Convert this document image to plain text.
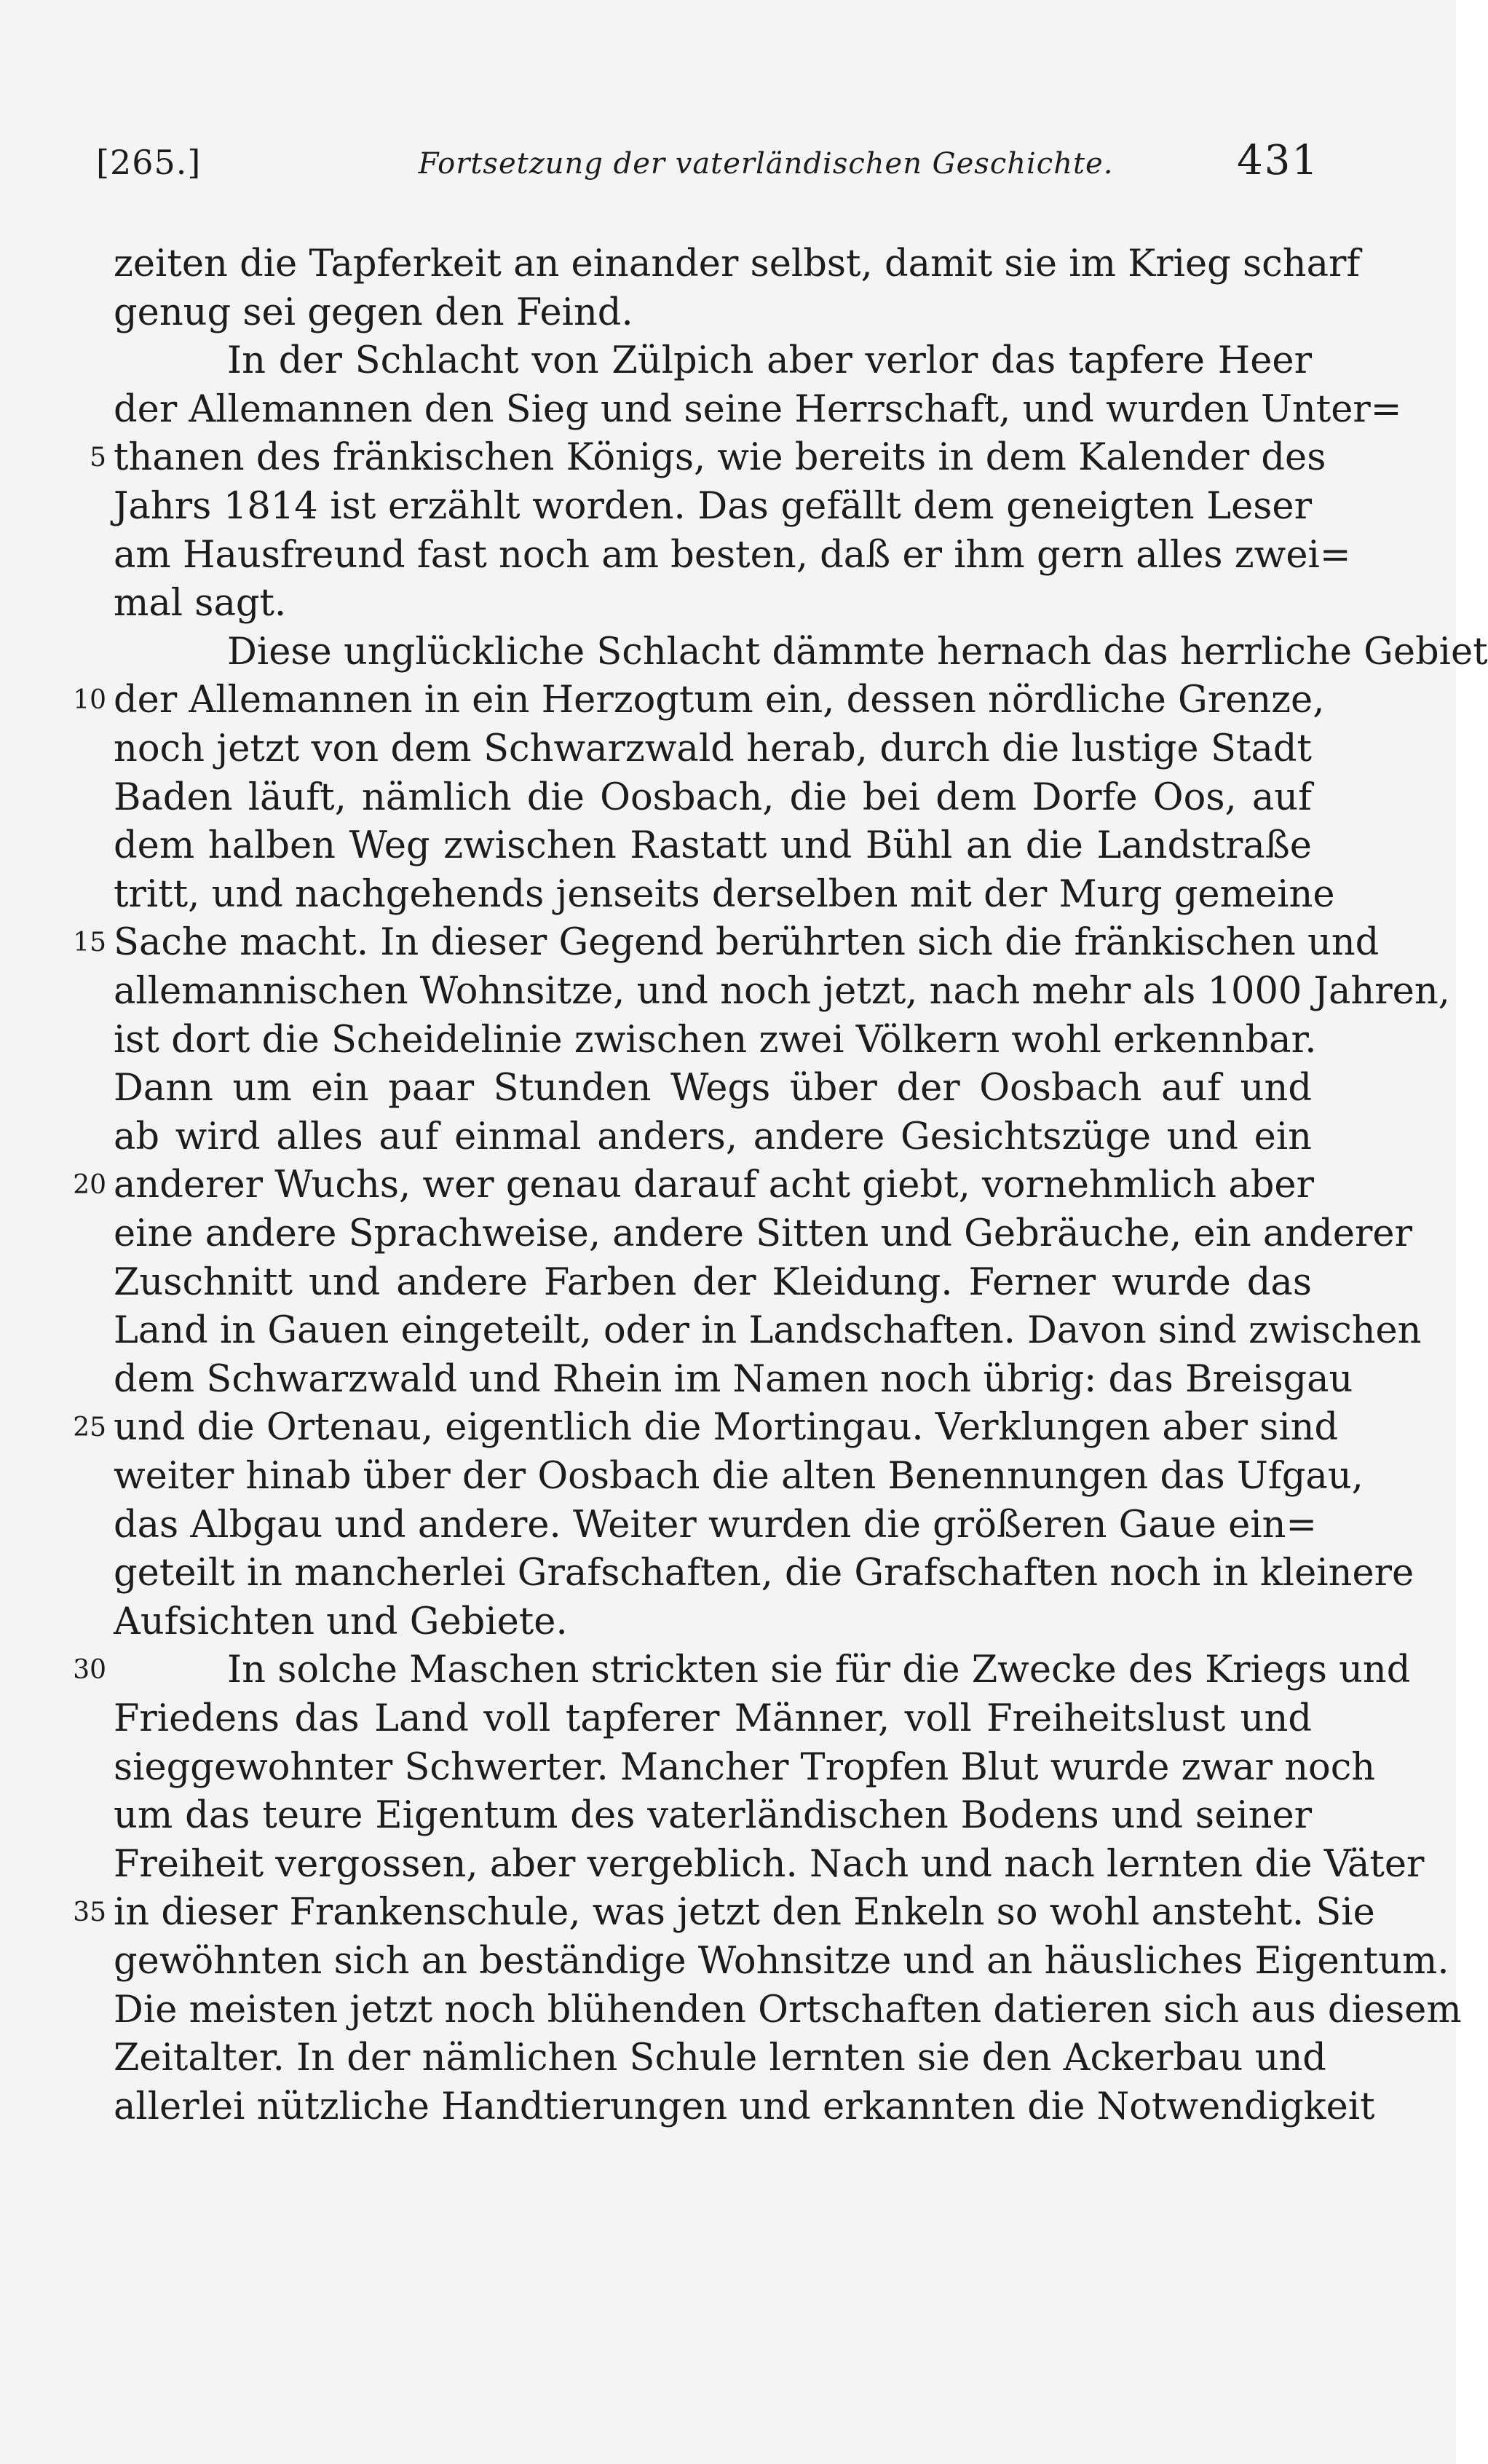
[265.]	Fortsetzung der vaterländischen Geschichte.	431
zeiten die Tapferkeit an einander selbst, damit sie im Krieg scharf
genug sei gegen den Feind.
In der Schlacht von Zülpich aber verlor das tapfere Heer
der Allemannen den Sieg und seine Herrschaft, und wurden Unter=
thanen des fränkischen Königs, wie bereits in dem Kalender des
5
Jahrs 1814 ist erzählt worden. Das gefällt dem geneigten Leser
am Hausfreund fast noch am besten, daß er ihm gern alles zwei=
mal sagt.
Diese unglückliche Schlacht dämmte hernach das herrliche Gebiet
der Allemannen in ein Herzogtum ein, dessen nördliche Grenze,
10
noch jetzt von dem Schwarzwald herab, durch die lustige Stadt
Baden läuft, nämlich die Oosbach, die bei dem Dorfe Oos, auf
dem halben Weg zwischen Rastatt und Bühl an die Landstraße
tritt, und nachgehends jenseits derselben mit der Murg gemeine
Sache macht. In dieser Gegend berührten sich die fränkischen und
15
allemannischen Wohnsitze, und noch jetzt, nach mehr als 1000 Jahren,
ist dort die Scheidelinie zwischen zwei Völkern wohl erkennbar.
Dann um ein paar Stunden Wegs über der Oosbach auf und
ab wird alles auf einmal anders, andere Gesichtszüge und ein
anderer Wuchs, wer genau darauf acht giebt, vornehmlich aber
20
eine andere Sprachweise, andere Sitten und Gebräuche, ein anderer
Zuschnitt und andere Farben der Kleidung. Ferner wurde das
Land in Gauen eingeteilt, oder in Landschaften. Davon sind zwischen
dem Schwarzwald und Rhein im Namen noch übrig: das Breisgau
und die Ortenau, eigentlich die Mortingau. Verklungen aber sind
25
weiter hinab über der Oosbach die alten Benennungen das Ufgau,
das Albgau und andere. Weiter wurden die größeren Gaue ein=
geteilt in mancherlei Grafschaften, die Grafschaften noch in kleinere
Aufsichten und Gebiete.
In solche Maschen strickten sie für die Zwecke des Kriegs und
30
Friedens das Land voll tapferer Männer, voll Freiheitslust und
sieggewohnter Schwerter. Mancher Tropfen Blut wurde zwar noch
um das teure Eigentum des vaterländischen Bodens und seiner
Freiheit vergossen, aber vergeblich. Nach und nach lernten die Väter
in dieser Frankenschule, was jetzt den Enkeln so wohl ansteht. Sie
35
gewöhnten sich an beständige Wohnsitze und an häusliches Eigentum.
Die meisten jetzt noch blühenden Ortschaften datieren sich aus diesem
Zeitalter. In der nämlichen Schule lernten sie den Ackerbau und
allerlei nützliche Handtierungen und erkannten die Notwendigkeit
